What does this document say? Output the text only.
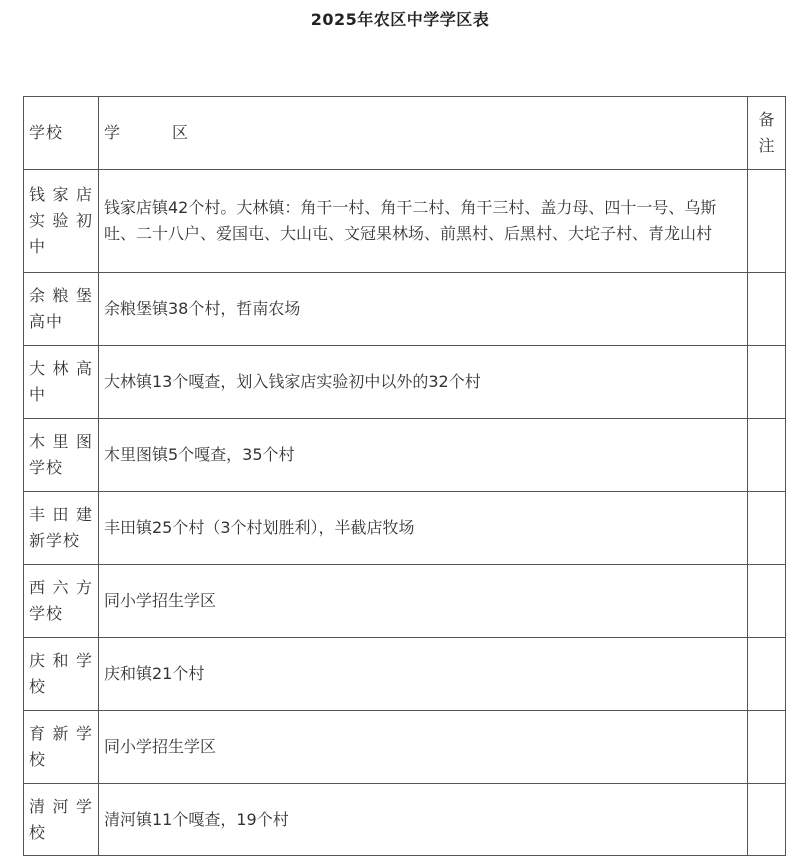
2025年农区中学学区表
学校	学 区	备注
钱家店实验初中	钱家店镇42个村。大林镇：角干一村、角干二村、角干三村、盖力母、四十一号、乌斯吐、二十八户、爱国屯、大山屯、文冠果林场、前黑村、后黑村、大坨子村、青龙山村	
余粮堡高中	余粮堡镇38个村，哲南农场	
大林高中	大林镇13个嘎查，划入钱家店实验初中以外的32个村	
木里图学校	木里图镇5个嘎查，35个村	
丰田建新学校	丰田镇25个村（3个村划胜利），半截店牧场	
西六方学校	同小学招生学区	
庆和学校	庆和镇21个村	
育新学校	同小学招生学区	
清河学校	清河镇11个嘎查，19个村	
